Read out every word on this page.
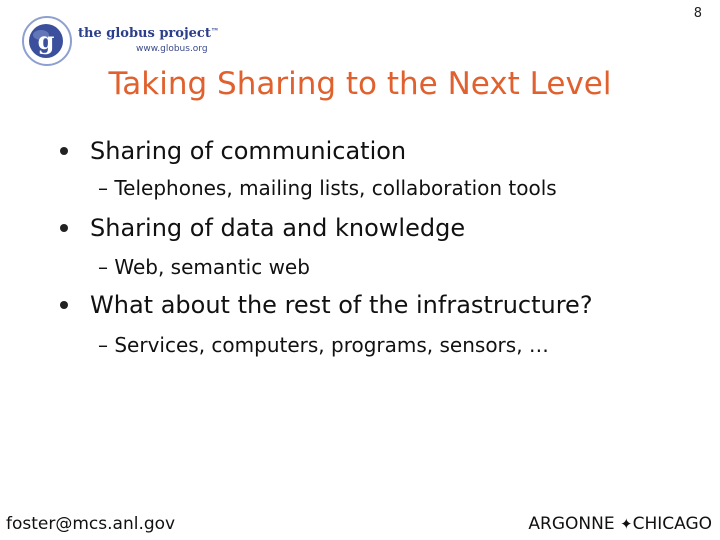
8
g the globus project™
www.globus.org
Taking Sharing to the Next Level
Sharing of communication
– Telephones, mailing lists, collaboration tools
Sharing of data and knowledge
– Web, semantic web
What about the rest of the infrastructure?
– Services, computers, programs, sensors, …
foster@mcs.anl.gov	ARGONNE ✦CHICAGO
